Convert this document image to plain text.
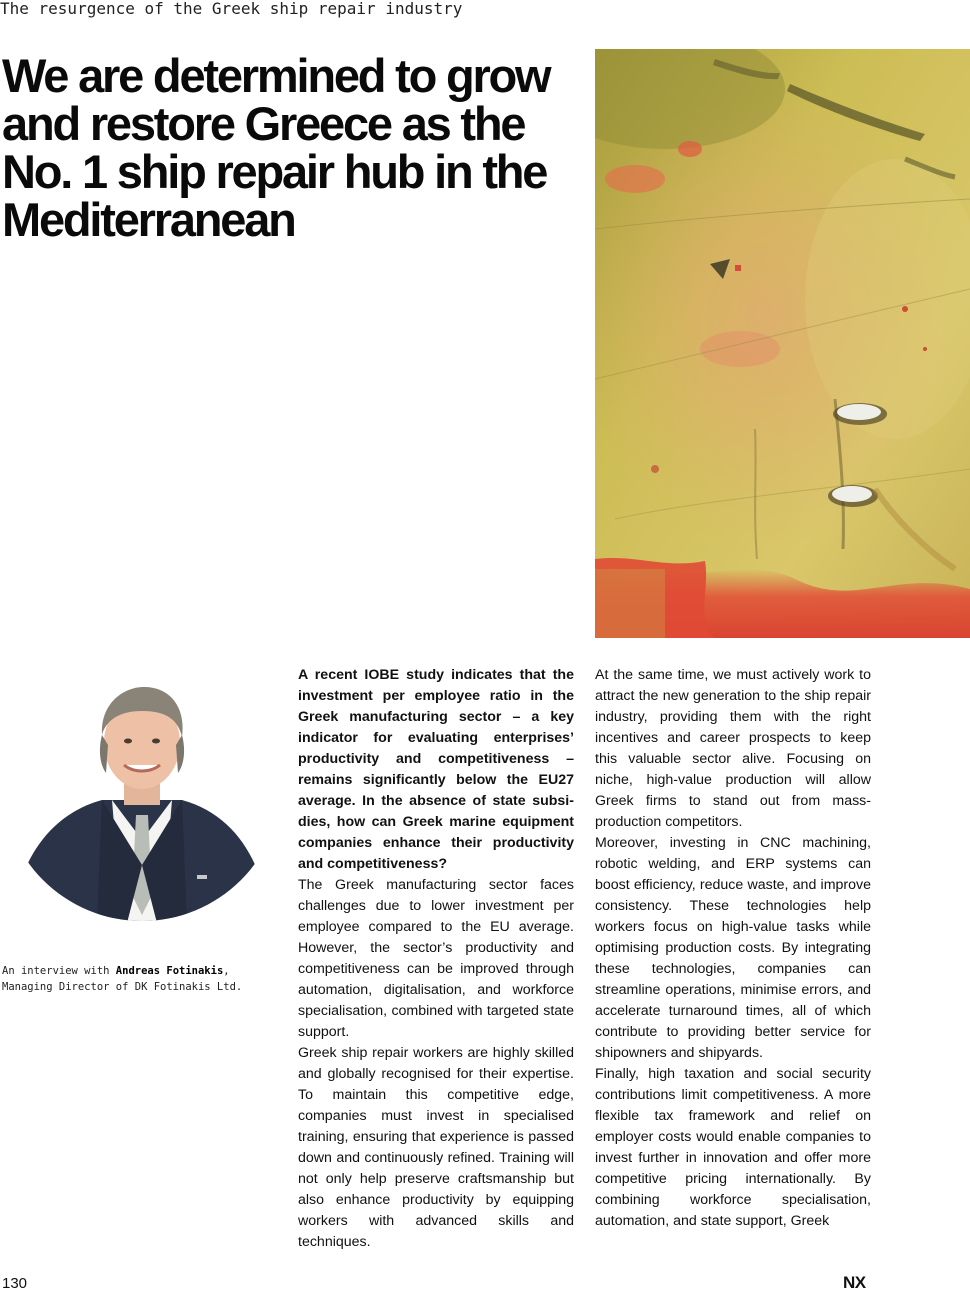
The resurgence of the Greek ship repair industry
We are determined to grow and restore Greece as the No. 1 ship repair hub in the Mediterranean
An interview with Andreas Fotinakis,
Managing Director of DK Fotinakis Ltd.

A recent IOBE study indicates that the investment per employee ratio in the Greek manufacturing sector – a key indicator for evaluating enterprises’ productivity and competitiveness – remains significantly below the EU27 average. In the absence of state subsidies, how can Greek marine equipment companies enhance their productivity and competitiveness?

The Greek manufacturing sector faces challenges due to lower investment per employee compared to the EU average. However, the sector’s productivity and competitiveness can be improved through automation, digitalisation, and workforce specialisation, combined with targeted state support.

Greek ship repair workers are highly skilled and globally recognised for their expertise. To maintain this competitive edge, companies must invest in specialised training, ensuring that experience is passed down and continuously refined. Training will not only help preserve craftsmanship but also enhance productivity by equipping workers with advanced skills and techniques.

At the same time, we must actively work to attract the new generation to the ship repair industry, providing them with the right incentives and career prospects to keep this valuable sector alive. Focusing on niche, high-value production will allow Greek firms to stand out from mass-production competitors.

Moreover, investing in CNC machining, robotic welding, and ERP systems can boost efficiency, reduce waste, and improve consistency. These technologies help workers focus on high-value tasks while optimising production costs. By integrating these technologies, companies can streamline operations, minimise errors, and accelerate turnaround times, all of which contribute to providing better service for shipowners and shipyards.

Finally, high taxation and social security contributions limit competitiveness. A more flexible tax framework and relief on employer costs would enable companies to invest further in innovation and offer more competitive pricing internationally. By combining workforce specialisation, automation, and state support, Greek

130	NX
